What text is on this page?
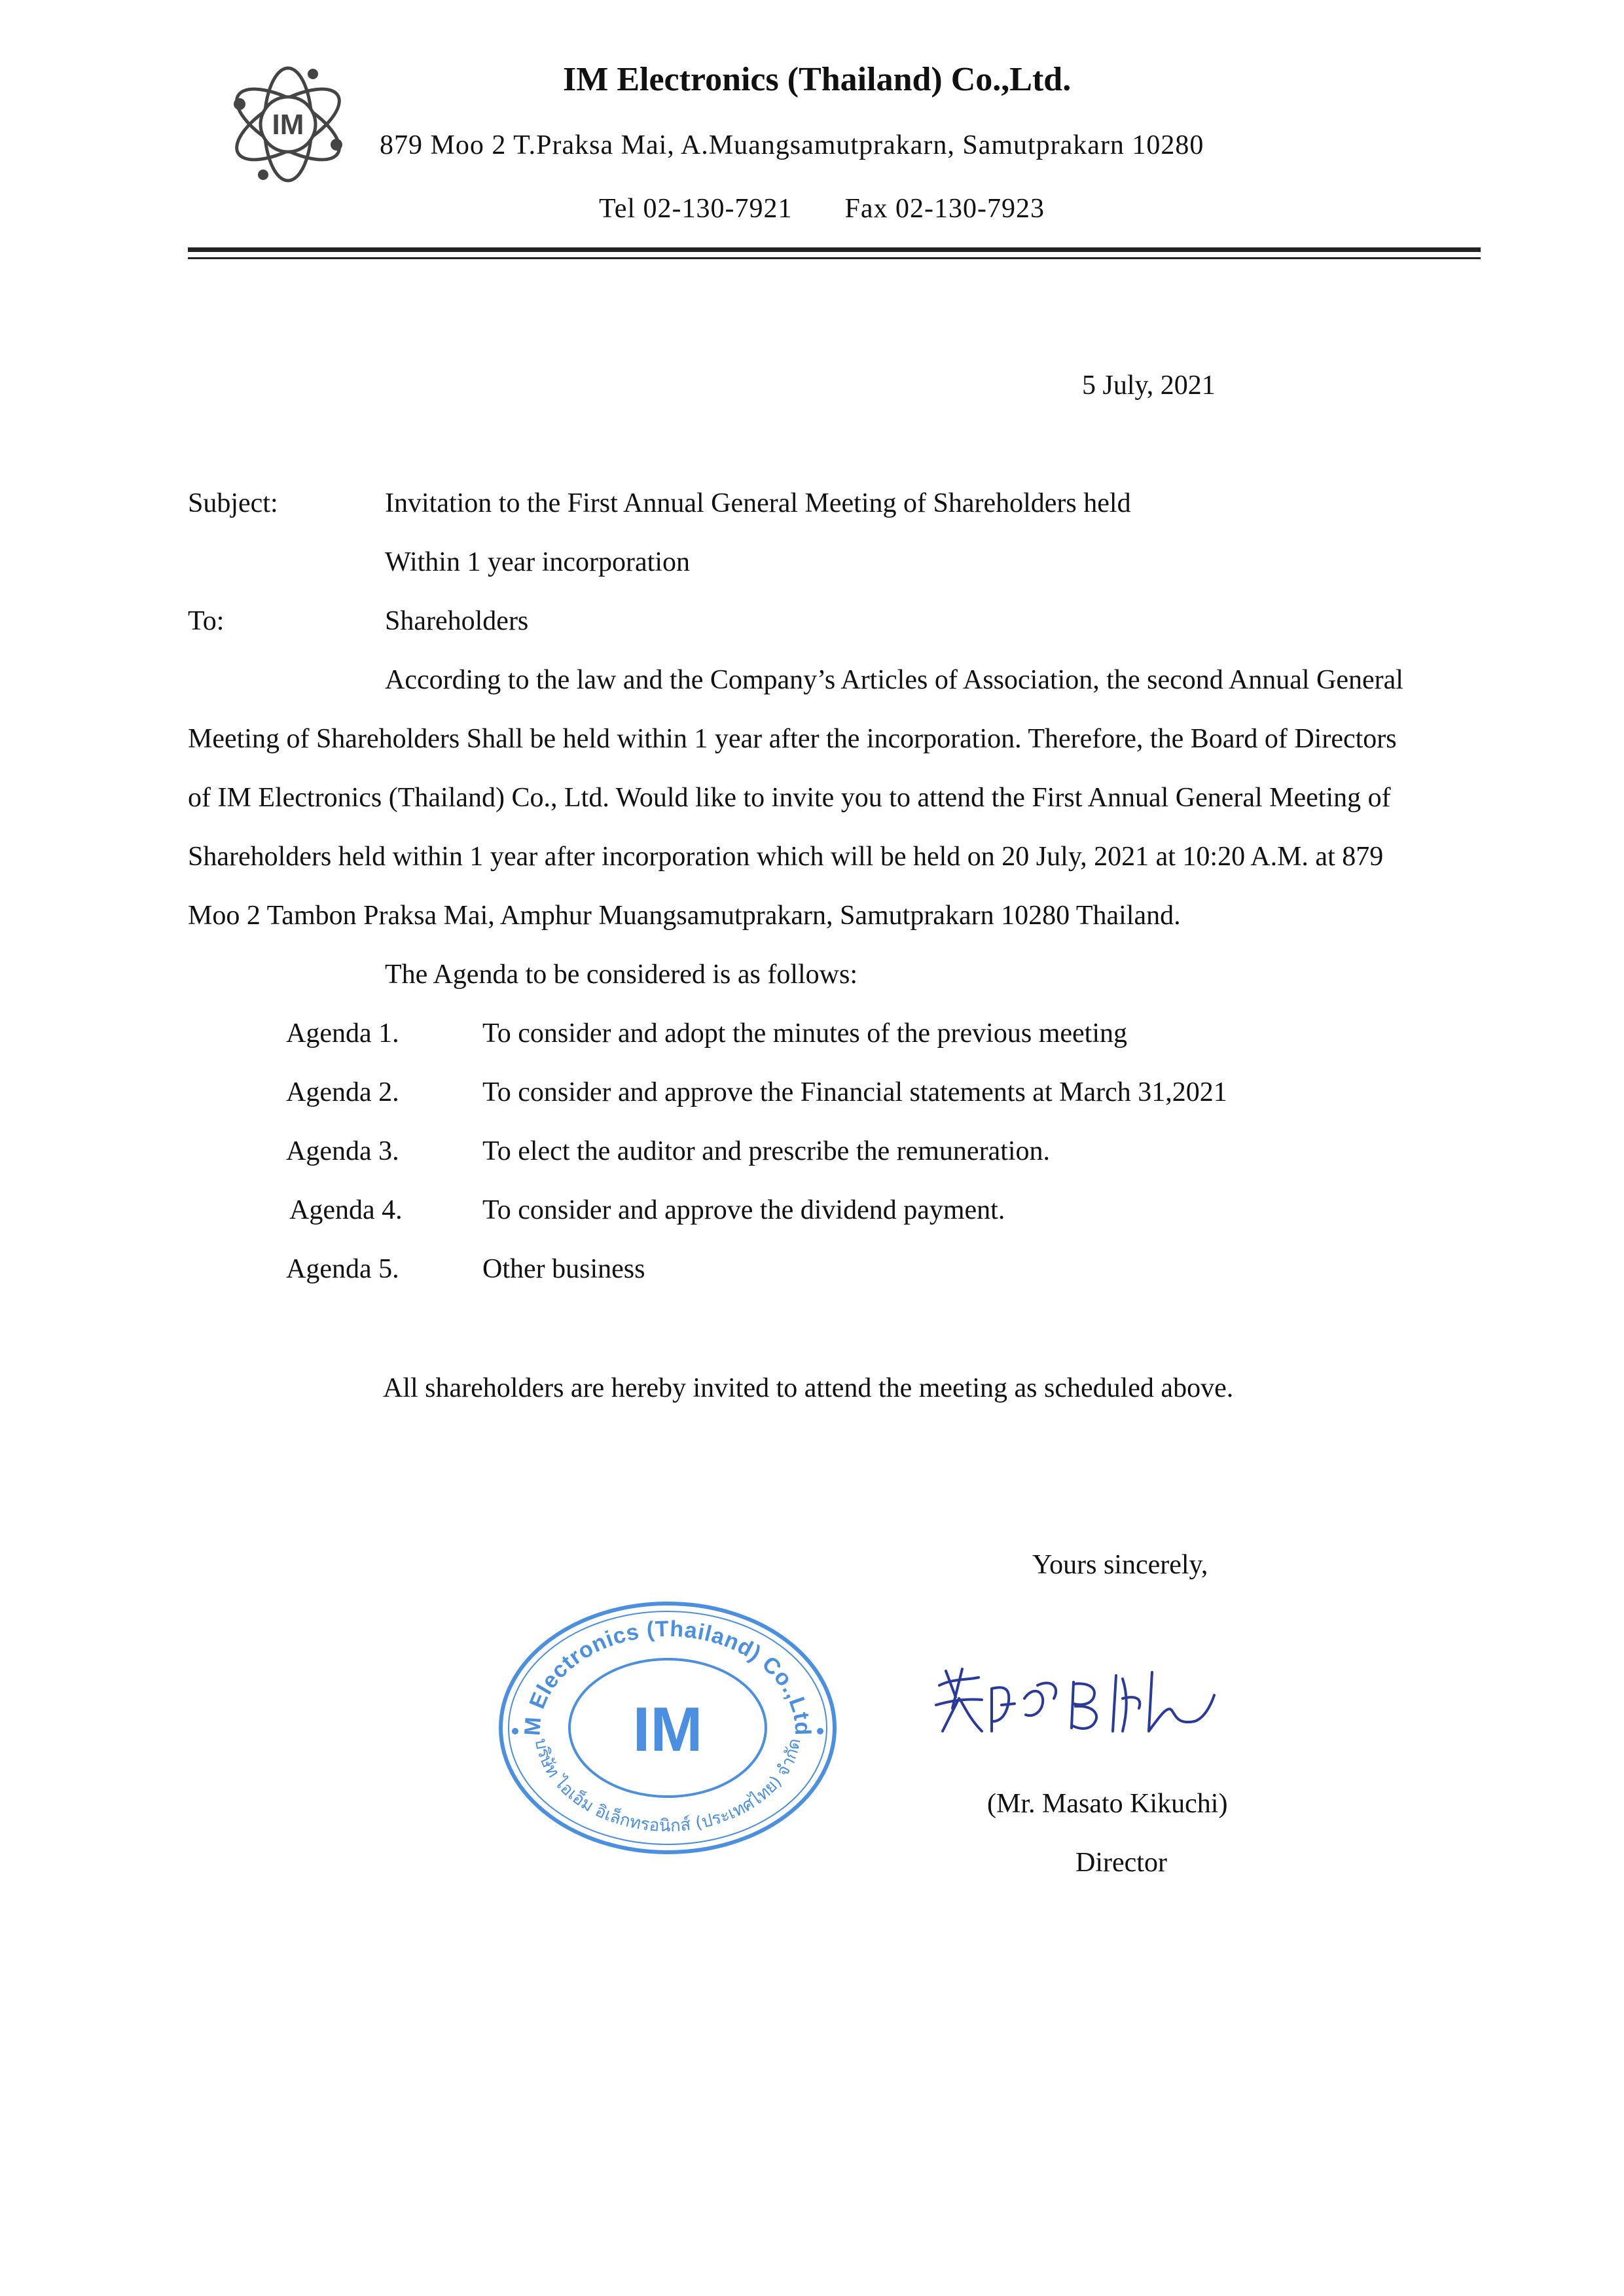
IM
IM Electronics (Thailand) Co.,Ltd.
879 Moo 2 T.Praksa Mai, A.Muangsamutprakarn, Samutprakarn 10280
Tel 02-130-7921 Fax 02-130-7923
5 July, 2021
Subject:	Invitation to the First Annual General Meeting of Shareholders held
Within 1 year incorporation
To:	Shareholders
According to the law and the Company’s Articles of Association, the second Annual General
Meeting of Shareholders Shall be held within 1 year after the incorporation. Therefore, the Board of Directors
of IM Electronics (Thailand) Co., Ltd. Would like to invite you to attend the First Annual General Meeting of
Shareholders held within 1 year after incorporation which will be held on 20 July, 2021 at 10:20 A.M. at 879
Moo 2 Tambon Praksa Mai, Amphur Muangsamutprakarn, Samutprakarn 10280 Thailand.
The Agenda to be considered is as follows:
Agenda 1.	To consider and adopt the minutes of the previous meeting
Agenda 2.	To consider and approve the Financial statements at March 31,2021
Agenda 3.	To elect the auditor and prescribe the remuneration.
Agenda 4.	To consider and approve the dividend payment.
Agenda 5.	Other business
All shareholders are hereby invited to attend the meeting as scheduled above.
Yours sincerely,
M Electronics (Thailand) Co.,Ltd
บริษัท ไอเอ็ม อิเล็กทรอนิกส์ (ประเทศไทย) จำกัด
IM
(Mr. Masato Kikuchi)
Director
